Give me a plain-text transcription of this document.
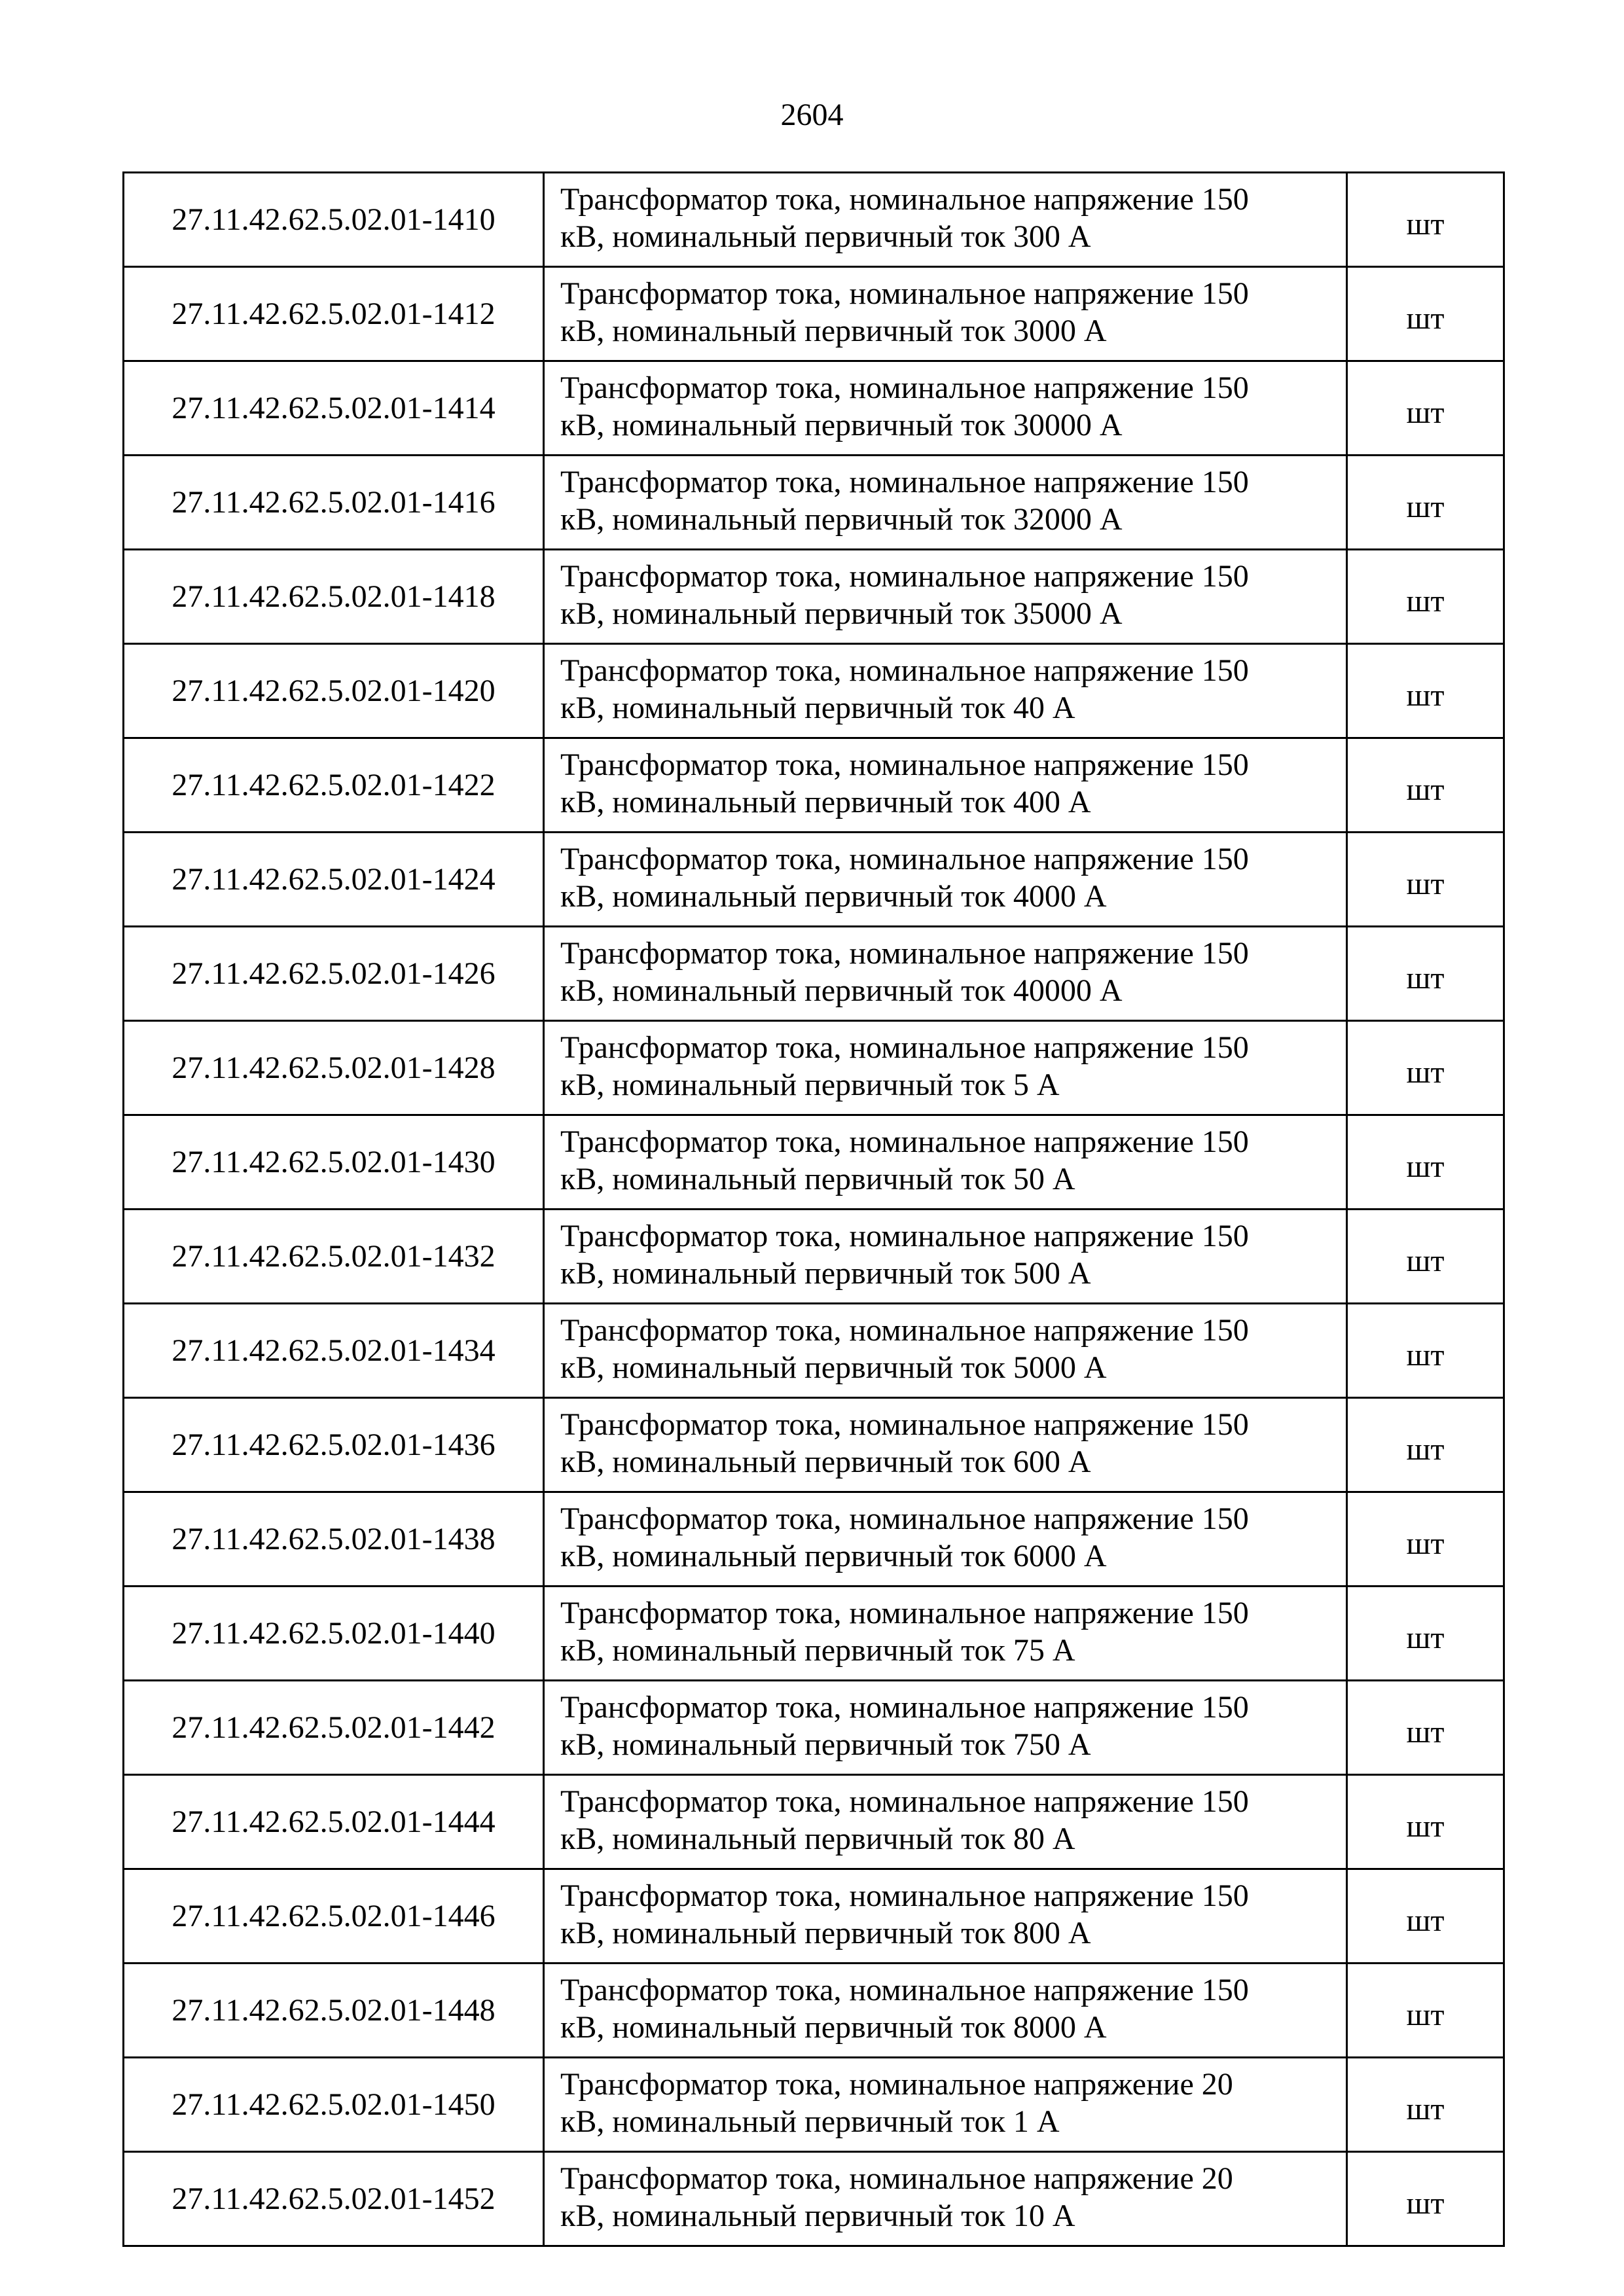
2604
27.11.42.62.5.02.01-1410	Трансформатор тока, номинальное напряжение 150
кВ, номинальный первичный ток 300 А	шт
27.11.42.62.5.02.01-1412	Трансформатор тока, номинальное напряжение 150
кВ, номинальный первичный ток 3000 А	шт
27.11.42.62.5.02.01-1414	Трансформатор тока, номинальное напряжение 150
кВ, номинальный первичный ток 30000 А	шт
27.11.42.62.5.02.01-1416	Трансформатор тока, номинальное напряжение 150
кВ, номинальный первичный ток 32000 А	шт
27.11.42.62.5.02.01-1418	Трансформатор тока, номинальное напряжение 150
кВ, номинальный первичный ток 35000 А	шт
27.11.42.62.5.02.01-1420	Трансформатор тока, номинальное напряжение 150
кВ, номинальный первичный ток 40 А	шт
27.11.42.62.5.02.01-1422	Трансформатор тока, номинальное напряжение 150
кВ, номинальный первичный ток 400 А	шт
27.11.42.62.5.02.01-1424	Трансформатор тока, номинальное напряжение 150
кВ, номинальный первичный ток 4000 А	шт
27.11.42.62.5.02.01-1426	Трансформатор тока, номинальное напряжение 150
кВ, номинальный первичный ток 40000 А	шт
27.11.42.62.5.02.01-1428	Трансформатор тока, номинальное напряжение 150
кВ, номинальный первичный ток 5 А	шт
27.11.42.62.5.02.01-1430	Трансформатор тока, номинальное напряжение 150
кВ, номинальный первичный ток 50 А	шт
27.11.42.62.5.02.01-1432	Трансформатор тока, номинальное напряжение 150
кВ, номинальный первичный ток 500 А	шт
27.11.42.62.5.02.01-1434	Трансформатор тока, номинальное напряжение 150
кВ, номинальный первичный ток 5000 А	шт
27.11.42.62.5.02.01-1436	Трансформатор тока, номинальное напряжение 150
кВ, номинальный первичный ток 600 А	шт
27.11.42.62.5.02.01-1438	Трансформатор тока, номинальное напряжение 150
кВ, номинальный первичный ток 6000 А	шт
27.11.42.62.5.02.01-1440	Трансформатор тока, номинальное напряжение 150
кВ, номинальный первичный ток 75 А	шт
27.11.42.62.5.02.01-1442	Трансформатор тока, номинальное напряжение 150
кВ, номинальный первичный ток 750 А	шт
27.11.42.62.5.02.01-1444	Трансформатор тока, номинальное напряжение 150
кВ, номинальный первичный ток 80 А	шт
27.11.42.62.5.02.01-1446	Трансформатор тока, номинальное напряжение 150
кВ, номинальный первичный ток 800 А	шт
27.11.42.62.5.02.01-1448	Трансформатор тока, номинальное напряжение 150
кВ, номинальный первичный ток 8000 А	шт
27.11.42.62.5.02.01-1450	Трансформатор тока, номинальное напряжение 20
кВ, номинальный первичный ток 1 А	шт
27.11.42.62.5.02.01-1452	Трансформатор тока, номинальное напряжение 20
кВ, номинальный первичный ток 10 А	шт
